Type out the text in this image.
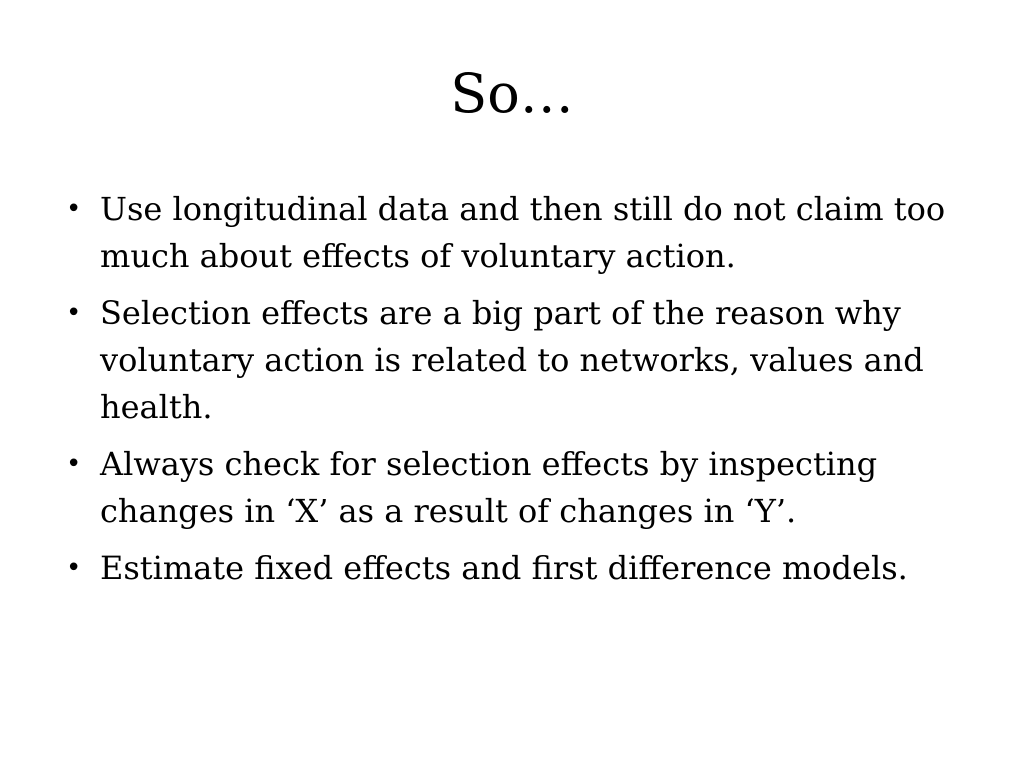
So…
• Use longitudinal data and then still do not claim too much about effects of voluntary action.
• Selection effects are a big part of the reason why voluntary action is related to networks, values and health.
• Always check for selection effects by inspecting changes in ‘X’ as a result of changes in ‘Y’.
• Estimate fixed effects and first difference models.
